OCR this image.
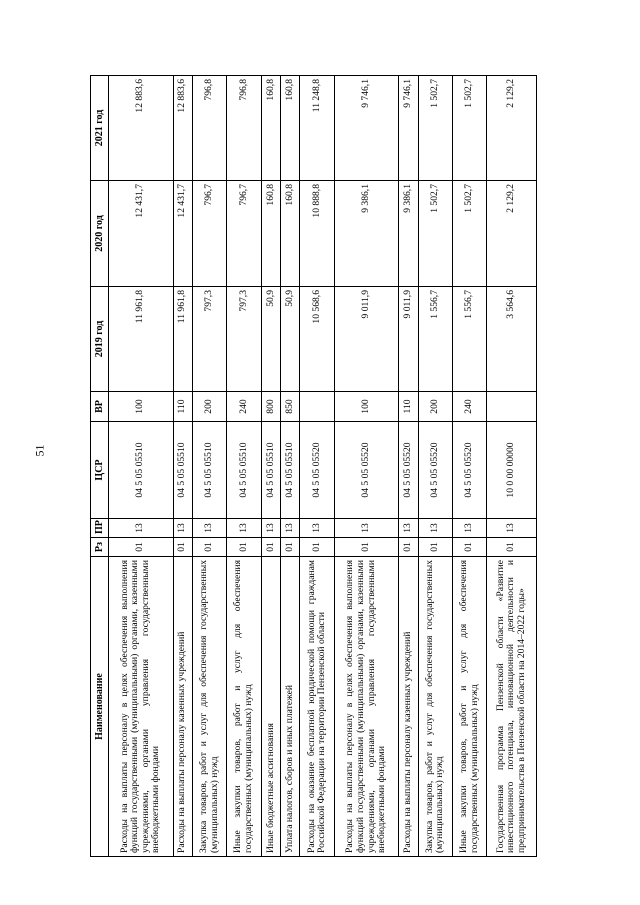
51
Наименование	Рз	ПР	ЦСР	ВР	2019 год	2020 год	2021 год
Расходы на выплаты персоналу в целях обеспечения выполнения функций государственными (муниципальными) органами, казенными учреждениями, органами управления государственными внебюджетными фондами	01	13	04 5 05 05510	100	11 961,8	12 431,7	12 883,6
Расходы на выплаты персоналу казенных учреждений	01	13	04 5 05 05510	110	11 961,8	12 431,7	12 883,6
Закупка товаров, работ и услуг для обеспечения государственных (муниципальных) нужд	01	13	04 5 05 05510	200	797,3	796,7	796,8
Иные закупки товаров, работ и услуг для обеспечения государственных (муниципальных) нужд	01	13	04 5 05 05510	240	797,3	796,7	796,8
Иные бюджетные ассигнования	01	13	04 5 05 05510	800	50,9	160,8	160,8
Уплата налогов, сборов и иных платежей	01	13	04 5 05 05510	850	50,9	160,8	160,8
Расходы на оказание бесплатной юридической помощи гражданам Российской Федерации на территории Пензенской области	01	13	04 5 05 05520		10 568,6	10 888,8	11 248,8
Расходы на выплаты персоналу в целях обеспечения выполнения функций государственными (муниципальными) органами, казенными учреждениями, органами управления государственными внебюджетными фондами	01	13	04 5 05 05520	100	9 011,9	9 386,1	9 746,1
Расходы на выплаты персоналу казенных учреждений	01	13	04 5 05 05520	110	9 011,9	9 386,1	9 746,1
Закупка товаров, работ и услуг для обеспечения государственных (муниципальных) нужд	01	13	04 5 05 05520	200	1 556,7	1 502,7	1 502,7
Иные закупки товаров, работ и услуг для обеспечения государственных (муниципальных) нужд	01	13	04 5 05 05520	240	1 556,7	1 502,7	1 502,7
Государственная программа Пензенской области «Развитие инвестиционного потенциала, инновационной деятельности и предпринимательства в Пензенской области на 2014–2022 годы»	01	13	10 0 00 00000		3 564,6	2 129,2	2 129,2
